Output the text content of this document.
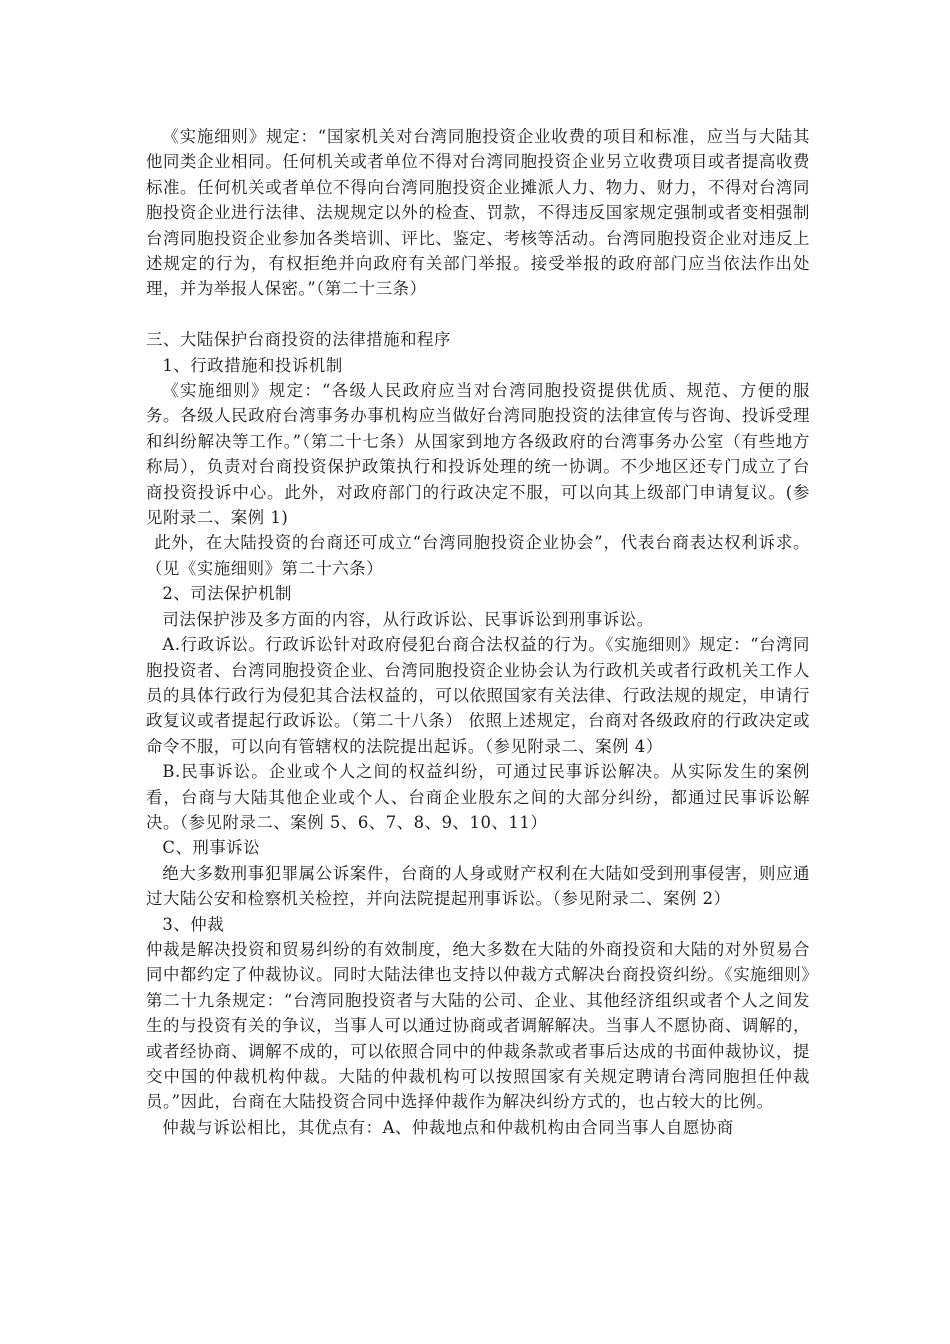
《实施细则》规定：“国家机关对台湾同胞投资企业收费的项目和标准，应当与大陆其他同类企业相同。任何机关或者单位不得对台湾同胞投资企业另立收费项目或者提高收费标准。任何机关或者单位不得向台湾同胞投资企业摊派人力、物力、财力，不得对台湾同胞投资企业进行法律、法规规定以外的检查、罚款，不得违反国家规定强制或者变相强制台湾同胞投资企业参加各类培训、评比、鉴定、考核等活动。台湾同胞投资企业对违反上述规定的行为，有权拒绝并向政府有关部门举报。接受举报的政府部门应当依法作出处理，并为举报人保密。”（第二十三条）

三、大陆保护台商投资的法律措施和程序

1、行政措施和投诉机制

《实施细则》规定：“各级人民政府应当对台湾同胞投资提供优质、规范、方便的服务。各级人民政府台湾事务办事机构应当做好台湾同胞投资的法律宣传与咨询、投诉受理和纠纷解决等工作。”（第二十七条）从国家到地方各级政府的台湾事务办公室（有些地方称局），负责对台商投资保护政策执行和投诉处理的统一协调。不少地区还专门成立了台商投资投诉中心。此外，对政府部门的行政决定不服，可以向其上级部门申请复议。(参见附录二、案例 1)

此外，在大陆投资的台商还可成立“台湾同胞投资企业协会”，代表台商表达权利诉求。（见《实施细则》第二十六条）

2、司法保护机制

司法保护涉及多方面的内容，从行政诉讼、民事诉讼到刑事诉讼。

A.行政诉讼。行政诉讼针对政府侵犯台商合法权益的行为。《实施细则》规定：“台湾同胞投资者、台湾同胞投资企业、台湾同胞投资企业协会认为行政机关或者行政机关工作人员的具体行政行为侵犯其合法权益的，可以依照国家有关法律、行政法规的规定，申请行政复议或者提起行政诉讼。（第二十八条） 依照上述规定，台商对各级政府的行政决定或命令不服，可以向有管辖权的法院提出起诉。（参见附录二、案例 4）

B.民事诉讼。企业或个人之间的权益纠纷，可通过民事诉讼解决。从实际发生的案例看，台商与大陆其他企业或个人、台商企业股东之间的大部分纠纷，都通过民事诉讼解决。（参见附录二、案例 5、6、7、8、9、10、11）

C、刑事诉讼

绝大多数刑事犯罪属公诉案件，台商的人身或财产权利在大陆如受到刑事侵害，则应通过大陆公安和检察机关检控，并向法院提起刑事诉讼。（参见附录二、案例 2）

3、仲裁

仲裁是解决投资和贸易纠纷的有效制度，绝大多数在大陆的外商投资和大陆的对外贸易合同中都约定了仲裁协议。同时大陆法律也支持以仲裁方式解决台商投资纠纷。《实施细则》第二十九条规定：“台湾同胞投资者与大陆的公司、企业、其他经济组织或者个人之间发生的与投资有关的争议，当事人可以通过协商或者调解解决。当事人不愿协商、调解的，或者经协商、调解不成的，可以依照合同中的仲裁条款或者事后达成的书面仲裁协议，提交中国的仲裁机构仲裁。大陆的仲裁机构可以按照国家有关规定聘请台湾同胞担任仲裁员。”因此，台商在大陆投资合同中选择仲裁作为解决纠纷方式的，也占较大的比例。

仲裁与诉讼相比，其优点有：A、仲裁地点和仲裁机构由合同当事人自愿协商
